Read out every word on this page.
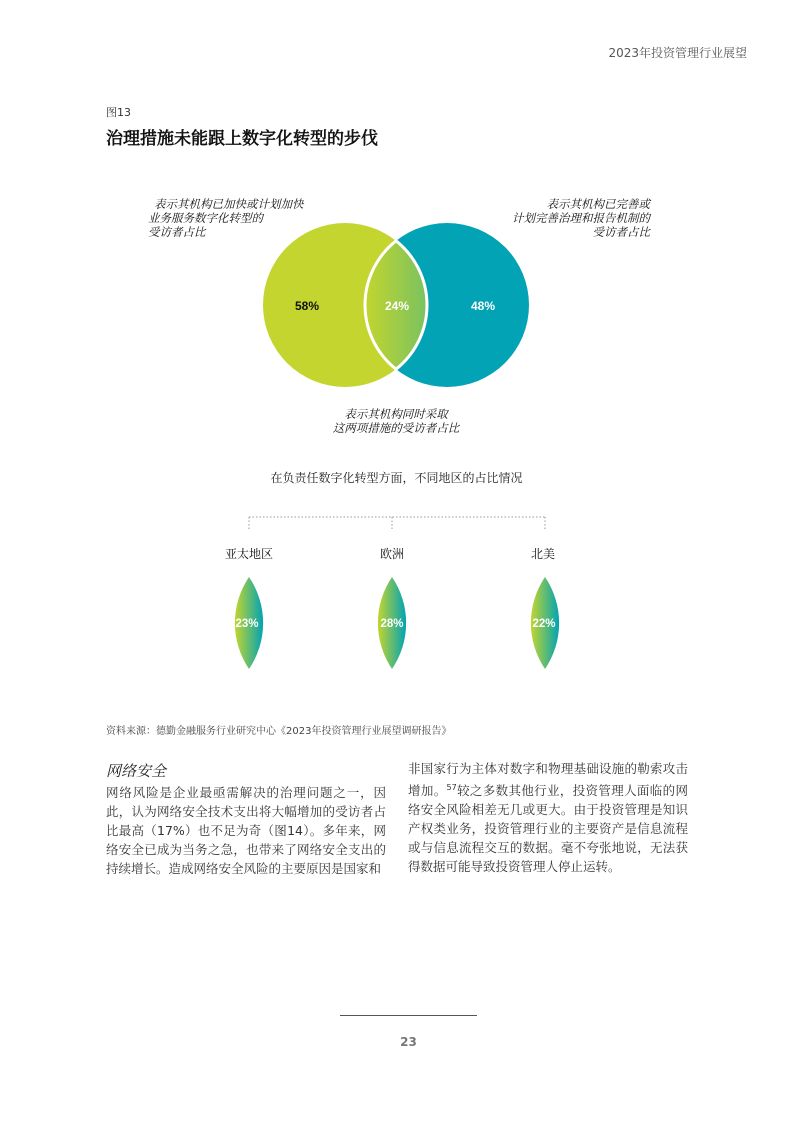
2023年投资管理行业展望
图13
治理措施未能跟上数字化转型的步伐
58%	24%	48%
23%	28%	22%
表示其机构已加快或计划加快
业务服务数字化转型的
受访者占比
表示其机构已完善或
计划完善治理和报告机制的
受访者占比
表示其机构同时采取
这两项措施的受访者占比
在负责任数字化转型方面，不同地区的占比情况
亚太地区	欧洲	北美
资料来源：德勤金融服务行业研究中心《2023年投资管理行业展望调研报告》
网络安全
网络风险是企业最亟需解决的治理问题之一，因此，认为网络安全技术支出将大幅增加的受访者占比最高（17%）也不足为奇（图14）。多年来，网络安全已成为当务之急，也带来了网络安全支出的持续增长。造成网络安全风险的主要原因是国家和
非国家行为主体对数字和物理基础设施的勒索攻击增加。$^{57}$较之多数其他行业，投资管理人面临的网络安全风险相差无几或更大。由于投资管理是知识产权类业务，投资管理行业的主要资产是信息流程或与信息流程交互的数据。毫不夸张地说，无法获得数据可能导致投资管理人停止运转。
23
